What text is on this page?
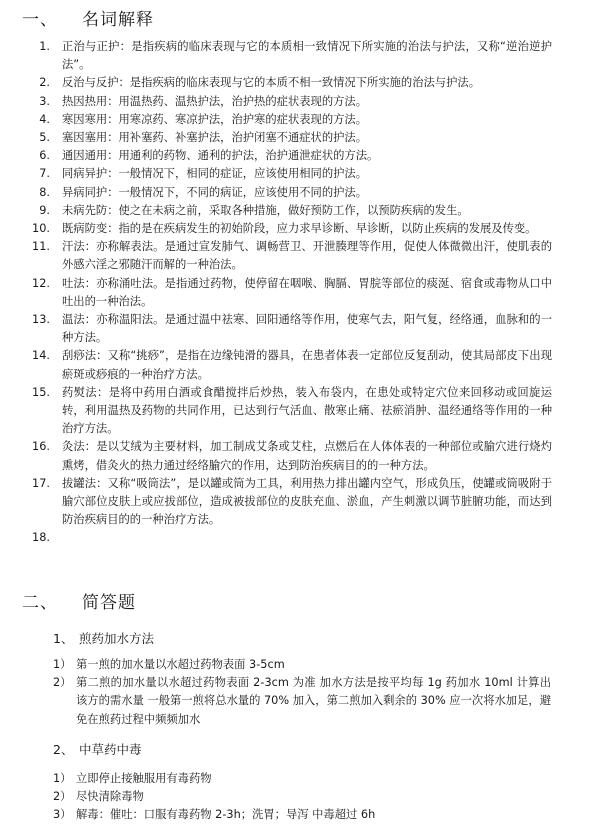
一、 名词解释
1.	正治与正护：是指疾病的临床表现与它的本质相一致情况下所实施的治法与护法，又称“逆治逆护法”。
2.	反治与反护：是指疾病的临床表现与它的本质不相一致情况下所实施的治法与护法。
3.	热因热用：用温热药、温热护法，治护热的症状表现的方法。
4.	寒因寒用：用寒凉药、寒凉护法，治护寒的症状表现的方法。
5.	塞因塞用：用补塞药、补塞护法，治护闭塞不通症状的护法。
6.	通因通用：用通利的药物、通利的护法，治护通泄症状的方法。
7.	同病异护：一般情况下，相同的症证，应该使用相同的护法。
8.	异病同护：一般情况下，不同的病证，应该使用不同的护法。
9.	未病先防：使之在未病之前，采取各种措施，做好预防工作，以预防疾病的发生。
10.	既病防变：指的是在疾病发生的初始阶段，应力求早诊断、早诊断，以防止疾病的发展及传变。
11.	汗法：亦称解表法。是通过宣发肺气、调畅营卫、开泄腠理等作用，促使人体微微出汗，使肌表的外感六淫之邪随汗而解的一种治法。
12.	吐法：亦称涌吐法。是指通过药物，使停留在咽喉、胸膈、胃脘等部位的痰涎、宿食或毒物从口中吐出的一种治法。
13.	温法：亦称温阳法。是通过温中祛寒、回阳通络等作用，使寒气去，阳气复，经络通，血脉和的一种方法。
14.	刮痧法：又称“挑痧”，是指在边缘钝滑的器具，在患者体表一定部位反复刮动，使其局部皮下出现瘀斑或痧痕的一种治疗方法。
15.	药熨法：是将中药用白酒或食醋搅拌后炒热，装入布袋内，在患处或特定穴位来回移动或回旋运转，利用温热及药物的共同作用，已达到行气活血、散寒止痛、祛瘀消肿、温经通络等作用的一种治疗方法。
16.	灸法：是以艾绒为主要材料，加工制成艾条或艾柱，点燃后在人体体表的一种部位或腧穴进行烧灼熏烤，借灸火的热力通过经络腧穴的作用，达到防治疾病目的的一种方法。
17.	拔罐法：又称“吸筒法”，是以罐或筒为工具，利用热力排出罐内空气，形成负压，使罐或筒吸附于腧穴部位皮肤上或应拔部位，造成被拔部位的皮肤充血、淤血，产生刺激以调节脏腑功能，而达到防治疾病目的的一种治疗方法。
18.
二、 简答题
1、 煎药加水方法
1） 第一煎的加水量以水超过药物表面 3-5cm
2） 第二煎的加水量以水超过药物表面 2-3cm 为准 加水方法是按平均每 1g 药加水 10ml 计算出该方的需水量 一般第一煎将总水量的 70% 加入，第二煎加入剩余的 30% 应一次将水加足，避免在煎药过程中频频加水
2、 中草药中毒
1） 立即停止接触服用有毒药物
2） 尽快清除毒物
3） 解毒：催吐：口服有毒药物 2-3h；洗胃；导泻 中毒超过 6h
